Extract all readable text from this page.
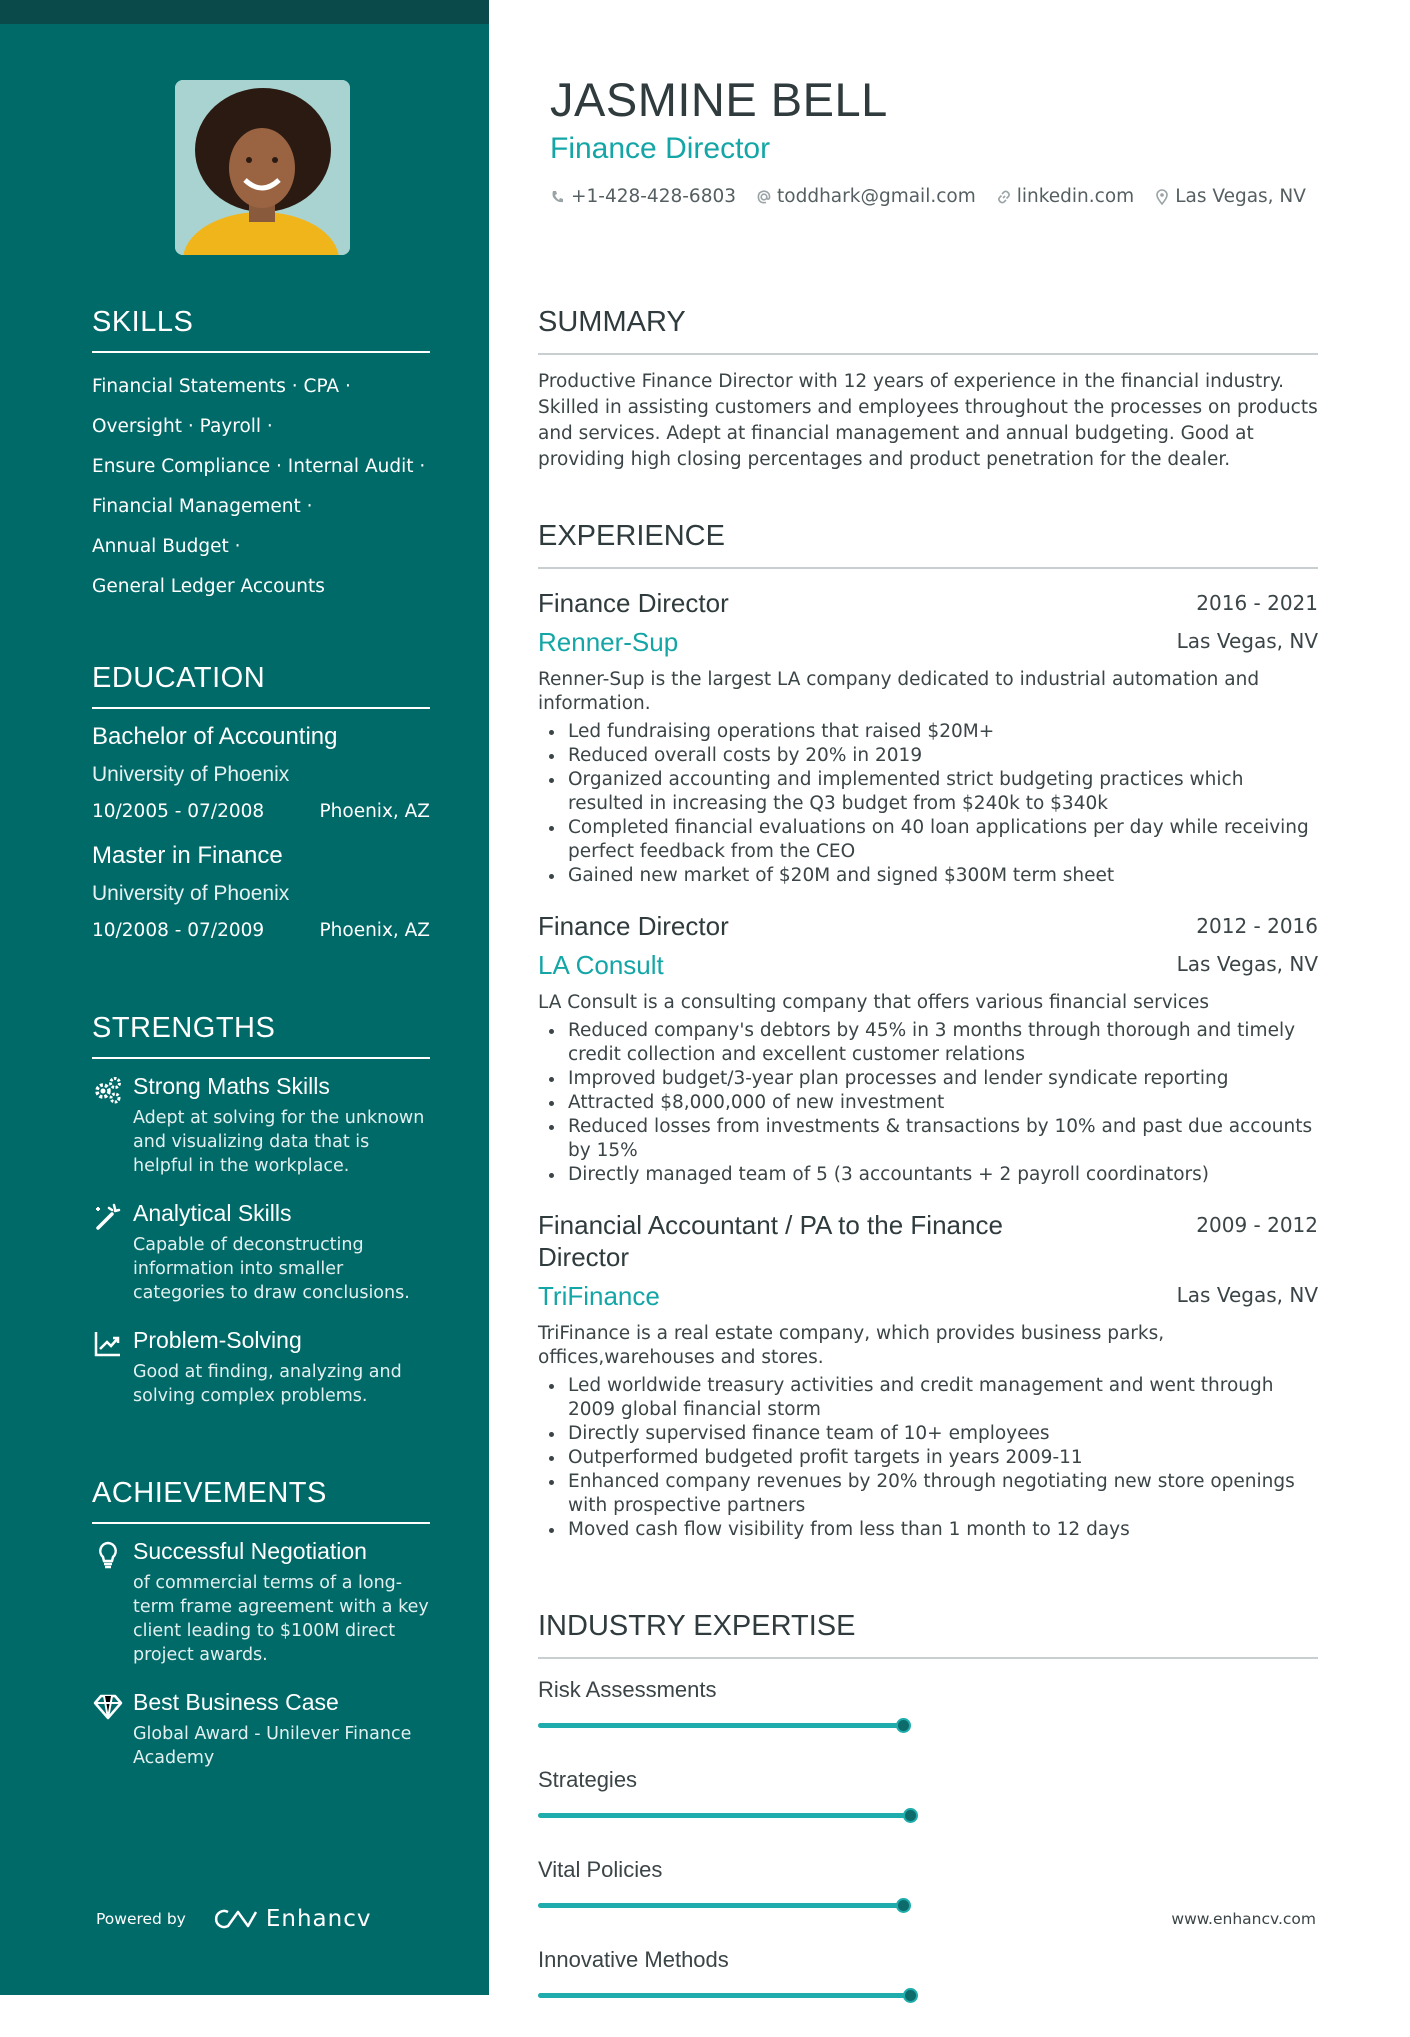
SKILLS
Financial Statements · CPA ·
Oversight · Payroll ·
Ensure Compliance · Internal Audit ·
Financial Management ·
Annual Budget ·
General Ledger Accounts
EDUCATION
Bachelor of Accounting
University of Phoenix
10/2005 - 07/2008	Phoenix, AZ
Master in Finance
University of Phoenix
10/2008 - 07/2009	Phoenix, AZ
STRENGTHS
Strong Maths Skills
Adept at solving for the unknown and visualizing data that is helpful in the workplace.
Analytical Skills
Capable of deconstructing information into smaller categories to draw conclusions.
Problem-Solving
Good at finding, analyzing and solving complex problems.
ACHIEVEMENTS
Successful Negotiation
of commercial terms of a long-term frame agreement with a key client leading to $100M direct project awards.
Best Business Case
Global Award - Unilever Finance Academy
Powered by	Enhancv
JASMINE BELL
Finance Director
+1-428-428-6803 toddhark@gmail.com linkedin.com Las Vegas, NV
SUMMARY
Productive Finance Director with 12 years of experience in the financial industry. Skilled in assisting customers and employees throughout the processes on products and services. Adept at financial management and annual budgeting. Good at providing high closing percentages and product penetration for the dealer.
EXPERIENCE
Finance Director	2016 - 2021
Renner-Sup	Las Vegas, NV
Renner-Sup is the largest LA company dedicated to industrial automation and information.
• Led fundraising operations that raised $20M+
• Reduced overall costs by 20% in 2019
• Organized accounting and implemented strict budgeting practices which resulted in increasing the Q3 budget from $240k to $340k
• Completed financial evaluations on 40 loan applications per day while receiving perfect feedback from the CEO
• Gained new market of $20M and signed $300M term sheet
Finance Director	2012 - 2016
LA Consult	Las Vegas, NV
LA Consult is a consulting company that offers various financial services
• Reduced company's debtors by 45% in 3 months through thorough and timely credit collection and excellent customer relations
• Improved budget/3-year plan processes and lender syndicate reporting
• Attracted $8,000,000 of new investment
• Reduced losses from investments & transactions by 10% and past due accounts by 15%
• Directly managed team of 5 (3 accountants + 2 payroll coordinators)
Financial Accountant / PA to the Finance Director
2009 - 2012
TriFinance	Las Vegas, NV
TriFinance is a real estate company, which provides business parks, offices,warehouses and stores.
• Led worldwide treasury activities and credit management and went through 2009 global financial storm
• Directly supervised finance team of 10+ employees
• Outperformed budgeted profit targets in years 2009-11
• Enhanced company revenues by 20% through negotiating new store openings with prospective partners
• Moved cash flow visibility from less than 1 month to 12 days
INDUSTRY EXPERTISE
Risk Assessments
Strategies
Vital Policies
Innovative Methods
www.enhancv.com
